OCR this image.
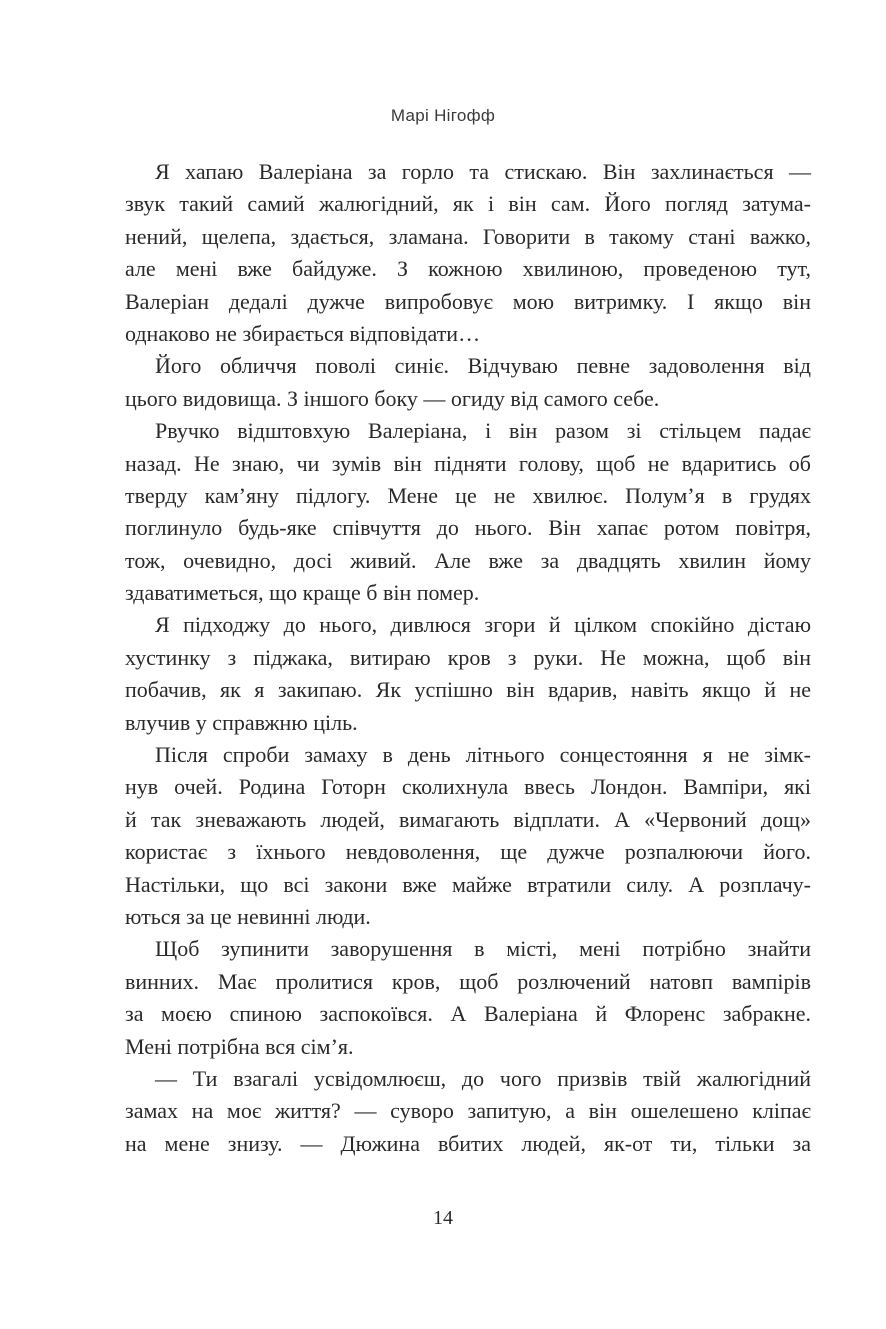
Марі Нігофф
Я хапаю Валеріана за горло та стискаю. Він захлинається —
звук такий самий жалюгідний, як і він сам. Його погляд затума-
нений, щелепа, здається, зламана. Говорити в такому стані важко,
але мені вже байдуже. З кожною хвилиною, проведеною тут,
Валеріан дедалі дужче випробовує мою витримку. І якщо він
однаково не збирається відповідати…
Його обличчя поволі синіє. Відчуваю певне задоволення від
цього видовища. З іншого боку — огиду від самого себе.
Рвучко відштовхую Валеріана, і він разом зі стільцем падає
назад. Не знаю, чи зумів він підняти голову, щоб не вдаритись об
тверду кам’яну підлогу. Мене це не хвилює. Полум’я в грудях
поглинуло будь-яке співчуття до нього. Він хапає ротом повітря,
тож, очевидно, досі живий. Але вже за двадцять хвилин йому
здаватиметься, що краще б він помер.
Я підходжу до нього, дивлюся згори й цілком спокійно дістаю
хустинку з піджака, витираю кров з руки. Не можна, щоб він
побачив, як я закипаю. Як успішно він вдарив, навіть якщо й не
влучив у справжню ціль.
Після спроби замаху в день літнього сонцестояння я не зімк-
нув очей. Родина Готорн сколихнула ввесь Лондон. Вампіри, які
й так зневажають людей, вимагають відплати. А «Червоний дощ»
користає з їхнього невдоволення, ще дужче розпалюючи його.
Настільки, що всі закони вже майже втратили силу. А розплачу-
ються за це невинні люди.
Щоб зупинити заворушення в місті, мені потрібно знайти
винних. Має пролитися кров, щоб розлючений натовп вампірів
за моєю спиною заспокоївся. А Валеріана й Флоренс забракне.
Мені потрібна вся сім’я.
— Ти взагалі усвідомлюєш, до чого призвів твій жалюгідний
замах на моє життя? — суворо запитую, а він ошелешено кліпає
на мене знизу. — Дюжина вбитих людей, як-от ти, тільки за
14
